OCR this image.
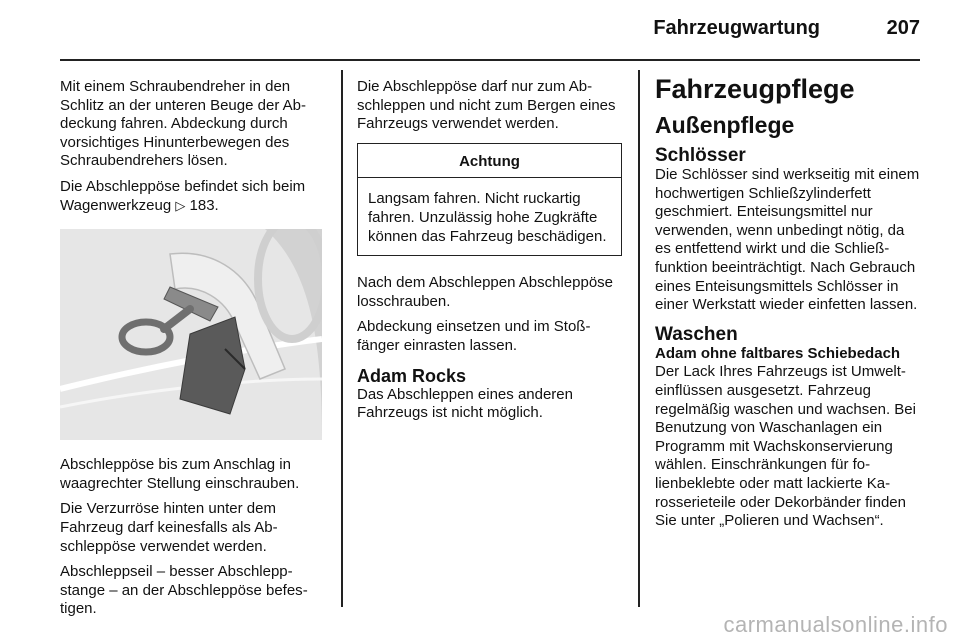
Fahrzeugwartung	207

Mit einem Schraubendreher in den Schlitz an der unteren Beuge der Abdeckung fahren. Abdeckung durch vorsichtiges Hinunterbewegen des Schraubendrehers lösen.

Die Abschleppöse befindet sich beim Wagenwerkzeug ▷ 183.

Abschleppöse bis zum Anschlag in waagrechter Stellung einschrauben.

Die Verzurröse hinten unter dem Fahrzeug darf keinesfalls als Abschleppöse verwendet werden.

Abschleppseil – besser Abschleppstange – an der Abschleppöse befestigen.

Die Abschleppöse darf nur zum Abschleppen und nicht zum Bergen eines Fahrzeugs verwendet werden.

Achtung
Langsam fahren. Nicht ruckartig fahren. Unzulässig hohe Zugkräfte können das Fahrzeug beschädigen.

Nach dem Abschleppen Abschleppöse losschrauben.

Abdeckung einsetzen und im Stoßfänger einrasten lassen.

Adam Rocks

Das Abschleppen eines anderen Fahrzeugs ist nicht möglich.

Fahrzeugpflege
Außenpflege
Schlösser

Die Schlösser sind werkseitig mit einem hochwertigen Schließzylinderfett geschmiert. Enteisungsmittel nur verwenden, wenn unbedingt nötig, da es entfettend wirkt und die Schließfunktion beeinträchtigt. Nach Gebrauch eines Enteisungsmittels Schlösser in einer Werkstatt wieder einfetten lassen.

Waschen
Adam ohne faltbares Schiebedach

Der Lack Ihres Fahrzeugs ist Umwelteinflüssen ausgesetzt. Fahrzeug regelmäßig waschen und wachsen. Bei Benutzung von Waschanlagen ein Programm mit Wachskonservierung wählen. Einschränkungen für folienbeklebte oder matt lackierte Karosserieteile oder Dekorbänder finden Sie unter „Polieren und Wachsen“.

carmanualsonline.info
